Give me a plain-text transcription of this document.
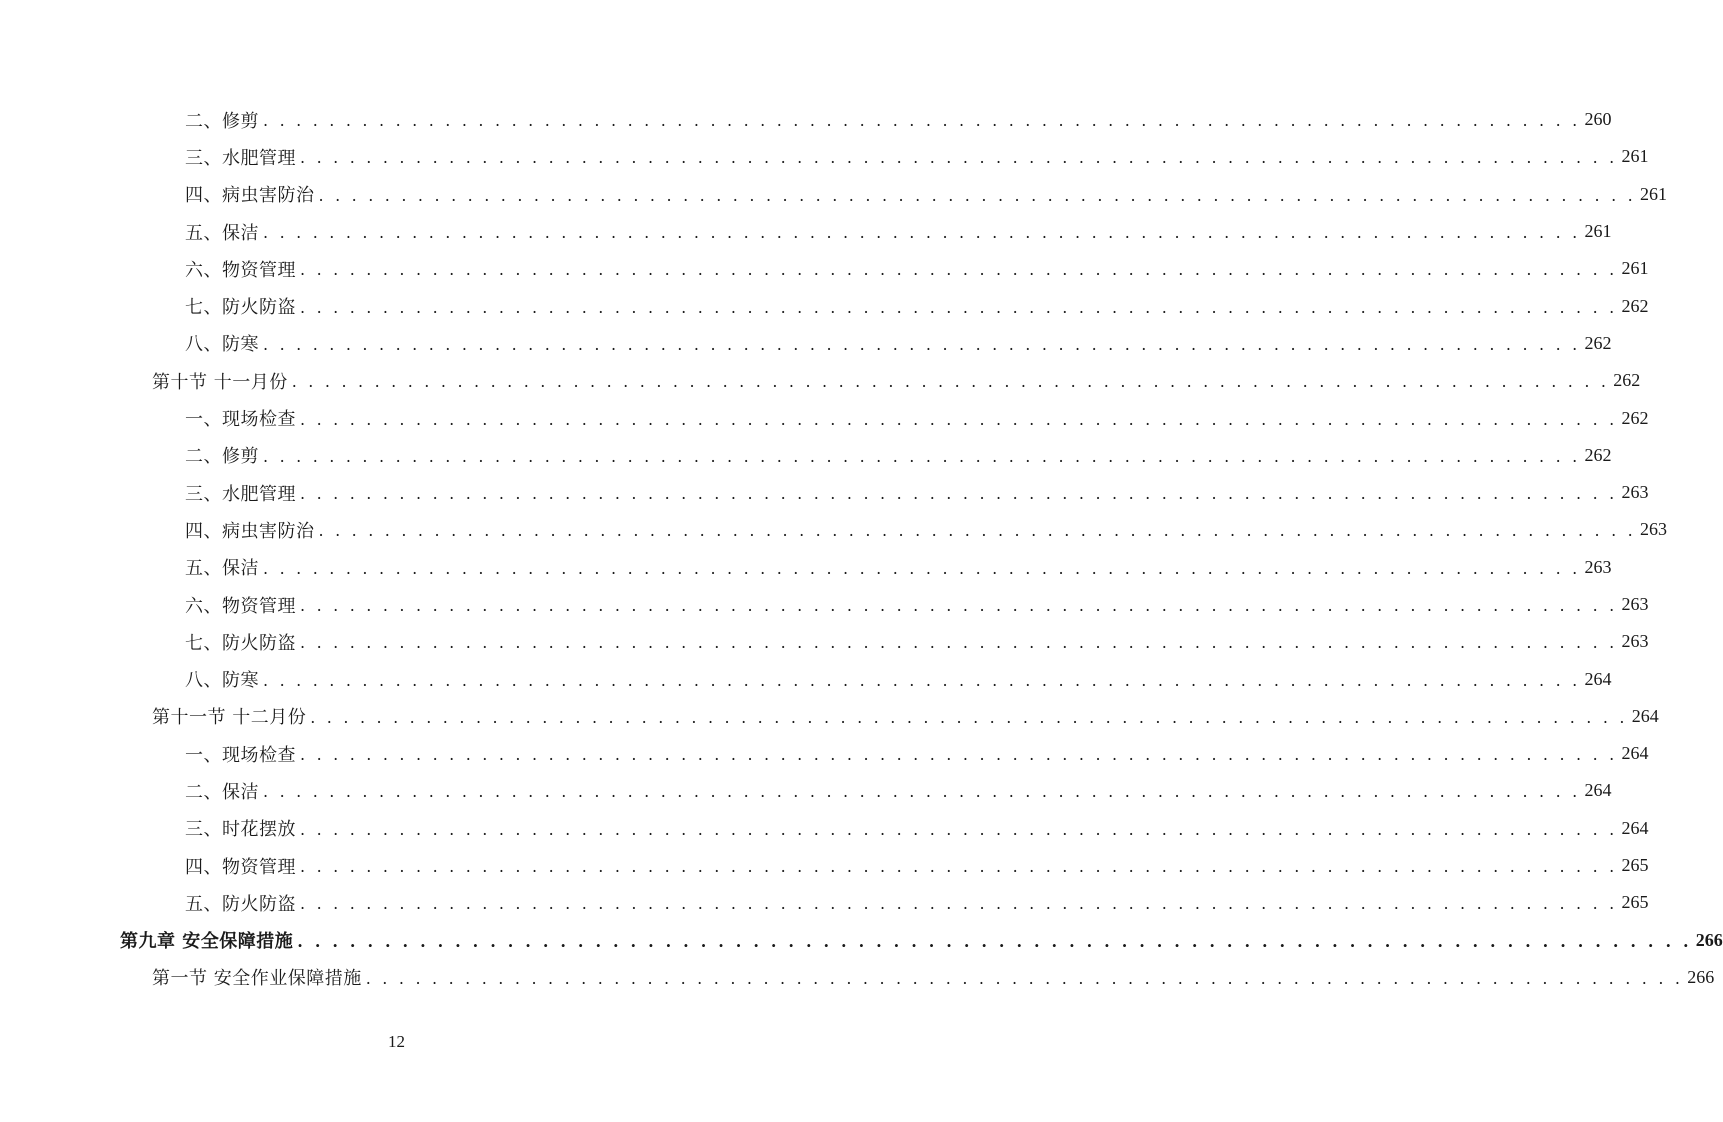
二、修剪 . . . . . . . . . . . . . . . . . . . . . . . . . . . . . . . . . . . . . . . . . . . . . . . . . . . . . . . . . . . . . . . . . . . . . . . . . . . . . . . . 260
三、水肥管理 . . . . . . . . . . . . . . . . . . . . . . . . . . . . . . . . . . . . . . . . . . . . . . . . . . . . . . . . . . . . . . . . . . . . . . . . . . . . . . . . 261
四、病虫害防治 . . . . . . . . . . . . . . . . . . . . . . . . . . . . . . . . . . . . . . . . . . . . . . . . . . . . . . . . . . . . . . . . . . . . . . . . . . . . . . . . 261
五、保洁 . . . . . . . . . . . . . . . . . . . . . . . . . . . . . . . . . . . . . . . . . . . . . . . . . . . . . . . . . . . . . . . . . . . . . . . . . . . . . . . . 261
六、物资管理 . . . . . . . . . . . . . . . . . . . . . . . . . . . . . . . . . . . . . . . . . . . . . . . . . . . . . . . . . . . . . . . . . . . . . . . . . . . . . . . . 261
七、防火防盗 . . . . . . . . . . . . . . . . . . . . . . . . . . . . . . . . . . . . . . . . . . . . . . . . . . . . . . . . . . . . . . . . . . . . . . . . . . . . . . . . 262
八、防寒 . . . . . . . . . . . . . . . . . . . . . . . . . . . . . . . . . . . . . . . . . . . . . . . . . . . . . . . . . . . . . . . . . . . . . . . . . . . . . . . . 262
第十节 十一月份 . . . . . . . . . . . . . . . . . . . . . . . . . . . . . . . . . . . . . . . . . . . . . . . . . . . . . . . . . . . . . . . . . . . . . . . . . . . . . . . . 262
一、现场检查 . . . . . . . . . . . . . . . . . . . . . . . . . . . . . . . . . . . . . . . . . . . . . . . . . . . . . . . . . . . . . . . . . . . . . . . . . . . . . . . . 262
二、修剪 . . . . . . . . . . . . . . . . . . . . . . . . . . . . . . . . . . . . . . . . . . . . . . . . . . . . . . . . . . . . . . . . . . . . . . . . . . . . . . . . 262
三、水肥管理 . . . . . . . . . . . . . . . . . . . . . . . . . . . . . . . . . . . . . . . . . . . . . . . . . . . . . . . . . . . . . . . . . . . . . . . . . . . . . . . . 263
四、病虫害防治 . . . . . . . . . . . . . . . . . . . . . . . . . . . . . . . . . . . . . . . . . . . . . . . . . . . . . . . . . . . . . . . . . . . . . . . . . . . . . . . . 263
五、保洁 . . . . . . . . . . . . . . . . . . . . . . . . . . . . . . . . . . . . . . . . . . . . . . . . . . . . . . . . . . . . . . . . . . . . . . . . . . . . . . . . 263
六、物资管理 . . . . . . . . . . . . . . . . . . . . . . . . . . . . . . . . . . . . . . . . . . . . . . . . . . . . . . . . . . . . . . . . . . . . . . . . . . . . . . . . 263
七、防火防盗 . . . . . . . . . . . . . . . . . . . . . . . . . . . . . . . . . . . . . . . . . . . . . . . . . . . . . . . . . . . . . . . . . . . . . . . . . . . . . . . . 263
八、防寒 . . . . . . . . . . . . . . . . . . . . . . . . . . . . . . . . . . . . . . . . . . . . . . . . . . . . . . . . . . . . . . . . . . . . . . . . . . . . . . . . 264
第十一节 十二月份 . . . . . . . . . . . . . . . . . . . . . . . . . . . . . . . . . . . . . . . . . . . . . . . . . . . . . . . . . . . . . . . . . . . . . . . . . . . . . . . . 264
一、现场检查 . . . . . . . . . . . . . . . . . . . . . . . . . . . . . . . . . . . . . . . . . . . . . . . . . . . . . . . . . . . . . . . . . . . . . . . . . . . . . . . . 264
二、保洁 . . . . . . . . . . . . . . . . . . . . . . . . . . . . . . . . . . . . . . . . . . . . . . . . . . . . . . . . . . . . . . . . . . . . . . . . . . . . . . . . 264
三、时花摆放 . . . . . . . . . . . . . . . . . . . . . . . . . . . . . . . . . . . . . . . . . . . . . . . . . . . . . . . . . . . . . . . . . . . . . . . . . . . . . . . . 264
四、物资管理 . . . . . . . . . . . . . . . . . . . . . . . . . . . . . . . . . . . . . . . . . . . . . . . . . . . . . . . . . . . . . . . . . . . . . . . . . . . . . . . . 265
五、防火防盗 . . . . . . . . . . . . . . . . . . . . . . . . . . . . . . . . . . . . . . . . . . . . . . . . . . . . . . . . . . . . . . . . . . . . . . . . . . . . . . . . 265
第九章 安全保障措施 . . . . . . . . . . . . . . . . . . . . . . . . . . . . . . . . . . . . . . . . . . . . . . . . . . . . . . . . . . . . . . . . . . . . . . . . . . . . . . . . 266
第一节 安全作业保障措施 . . . . . . . . . . . . . . . . . . . . . . . . . . . . . . . . . . . . . . . . . . . . . . . . . . . . . . . . . . . . . . . . . . . . . . . . . . . . . . . . 266
12
